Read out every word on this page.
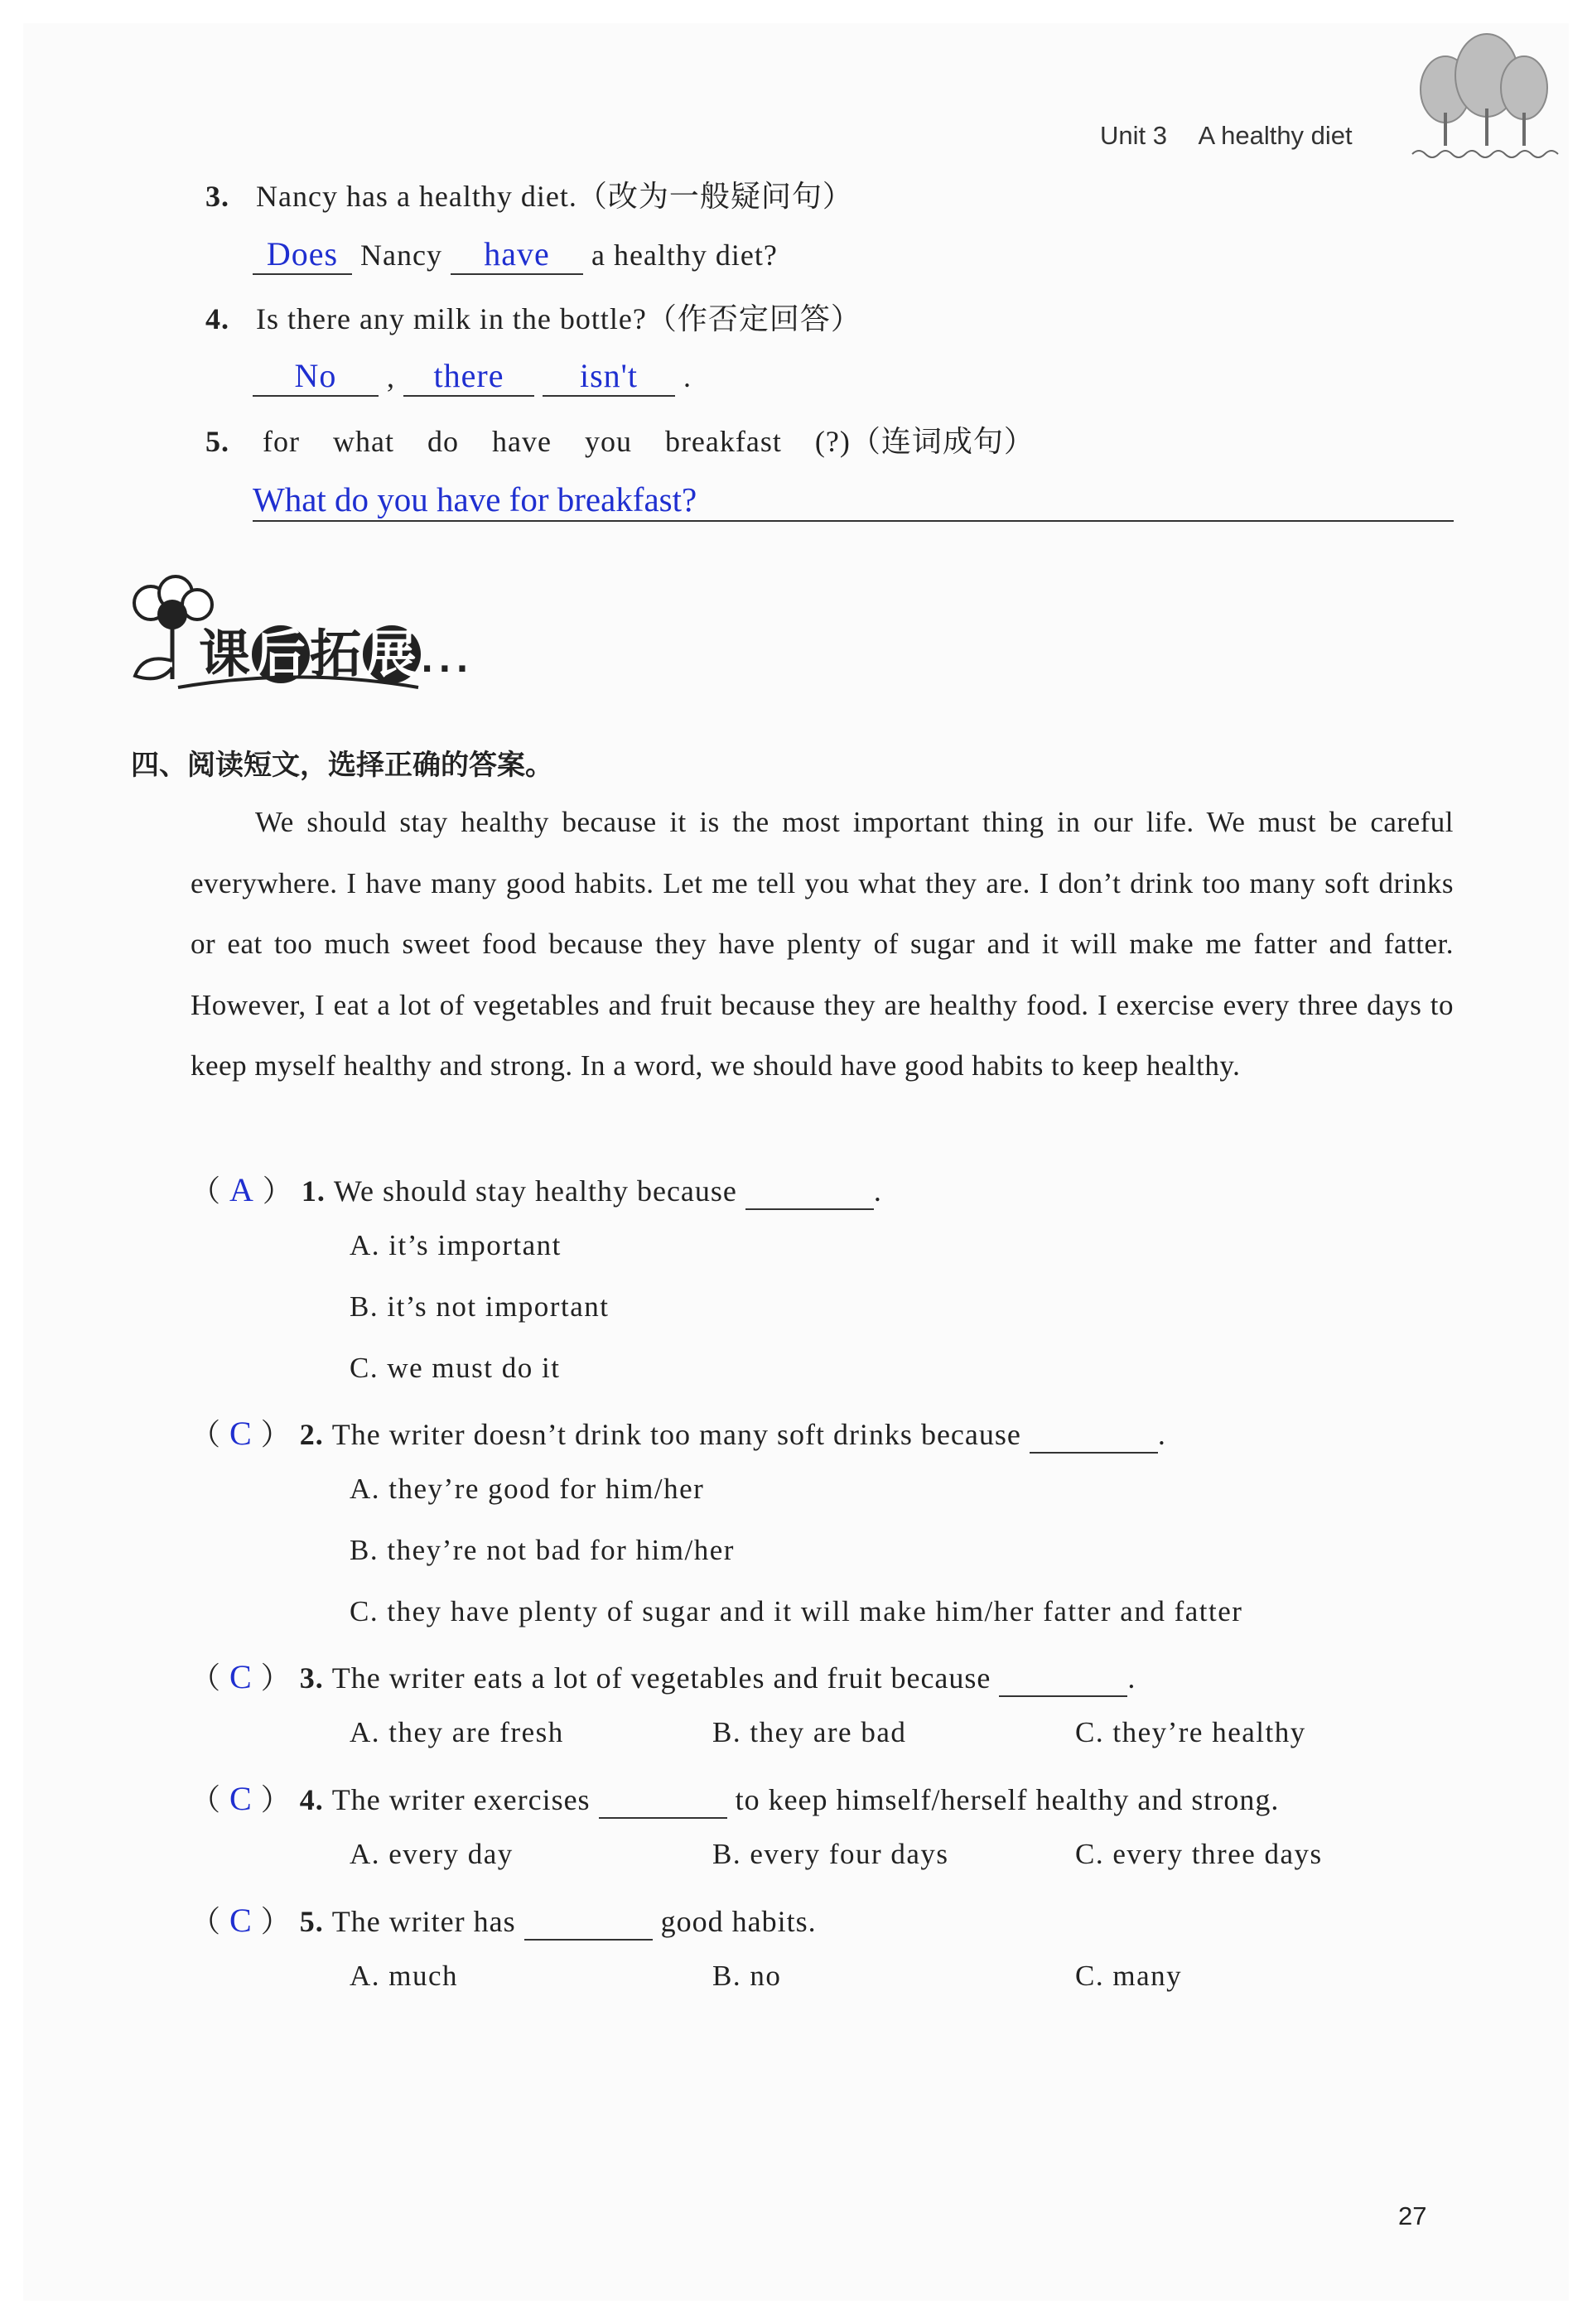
Unit 3 A healthy diet
3. Nancy has a healthy diet.（改为一般疑问句）
Does Nancy have a healthy diet?
4. Is there any milk in the bottle?（作否定回答）
No , there isn't .
5. for what do have you breakfast (?)（连词成句）
What do you have for breakfast?
课后拓展...
四、阅读短文，选择正确的答案。
We should stay healthy because it is the most important thing in our life. We must be careful everywhere. I have many good habits. Let me tell you what they are. I don’t drink too many soft drinks or eat too much sweet food because they have plenty of sugar and it will make me fatter and fatter. However, I eat a lot of vegetables and fruit because they are healthy food. I exercise every three days to keep myself healthy and strong. In a word, we should have good habits to keep healthy.
（ A ） 1. We should stay healthy because	.
A. it’s important
B. it’s not important
C. we must do it
（ C ） 2. The writer doesn’t drink too many soft drinks because	.
A. they’re good for him/her
B. they’re not bad for him/her
C. they have plenty of sugar and it will make him/her fatter and fatter
（ C ） 3. The writer eats a lot of vegetables and fruit because	.
A. they are fresh	B. they are bad	C. they’re healthy
（ C ） 4. The writer exercises	to keep himself/herself healthy and strong.
A. every day	B. every four days	C. every three days
（ C ） 5. The writer has	good habits.
A. much	B. no	C. many
27
